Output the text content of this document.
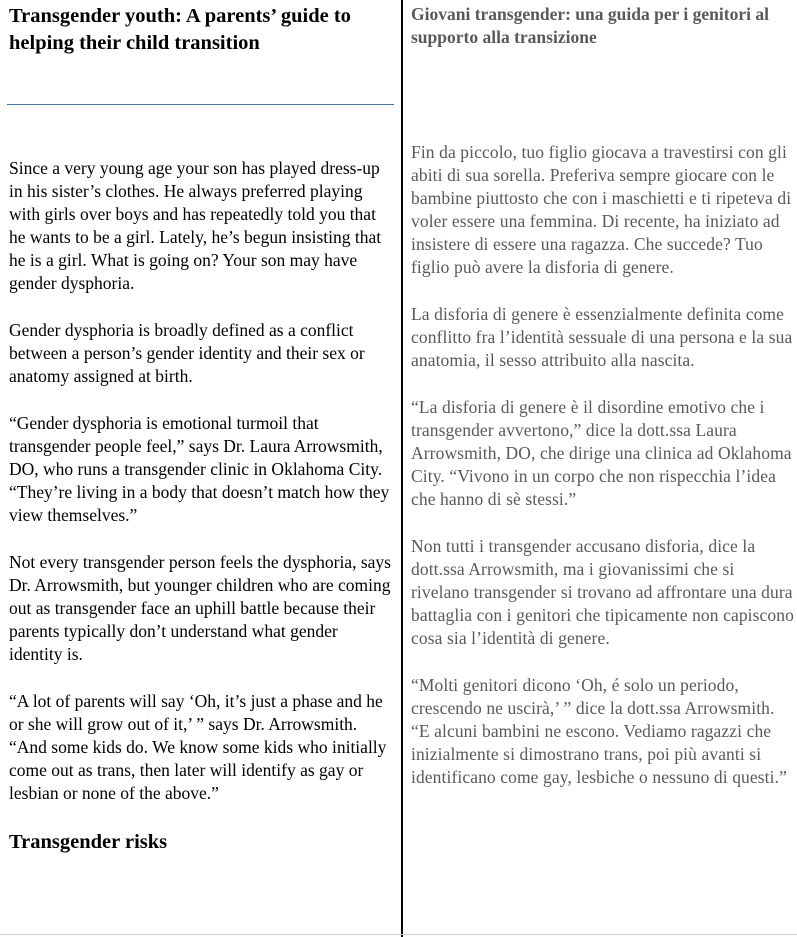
Transgender youth: A parents’ guide to helping their child transition

Since a very young age your son has played dress-up in his sister’s clothes. He always preferred playing with girls over boys and has repeatedly told you that he wants to be a girl. Lately, he’s begun insisting that he is a girl. What is going on? Your son may have gender dysphoria.

Gender dysphoria is broadly defined as a conflict between a person’s gender identity and their sex or anatomy assigned at birth.

“Gender dysphoria is emotional turmoil that transgender people feel,” says Dr. Laura Arrowsmith, DO, who runs a transgender clinic in Oklahoma City. “They’re living in a body that doesn’t match how they view themselves.”

Not every transgender person feels the dysphoria, says Dr. Arrowsmith, but younger children who are coming out as transgender face an uphill battle because their parents typically don’t understand what gender identity is.

“A lot of parents will say ‘Oh, it’s just a phase and he or she will grow out of it,’ ” says Dr. Arrowsmith. “And some kids do. We know some kids who initially come out as trans, then later will identify as gay or lesbian or none of the above.”

Transgender risks
Giovani transgender: una guida per i genitori al supporto alla transizione

Fin da piccolo, tuo figlio giocava a travestirsi con gli abiti di sua sorella. Preferiva sempre giocare con le bambine piuttosto che con i maschietti e ti ripeteva di voler essere una femmina. Di recente, ha iniziato ad insistere di essere una ragazza. Che succede? Tuo figlio può avere la disforia di genere.

La disforia di genere è essenzialmente definita come conflitto fra l’identità sessuale di una persona e la sua anatomia, il sesso attribuito alla nascita.

“La disforia di genere è il disordine emotivo che i transgender avvertono,” dice la dott.ssa Laura Arrowsmith, DO, che dirige una clinica ad Oklahoma City. “Vivono in un corpo che non rispecchia l’idea che hanno di sè stessi.”

Non tutti i transgender accusano disforia, dice la dott.ssa Arrowsmith, ma i giovanissimi che si rivelano transgender si trovano ad affrontare una dura battaglia con i genitori che tipicamente non capiscono cosa sia l’identità di genere.

“Molti genitori dicono ‘Oh, é solo un periodo, crescendo ne uscirà,’ ” dice la dott.ssa Arrowsmith. “E alcuni bambini ne escono. Vediamo ragazzi che inizialmente si dimostrano trans, poi più avanti si identificano come gay, lesbiche o nessuno di questi.”
